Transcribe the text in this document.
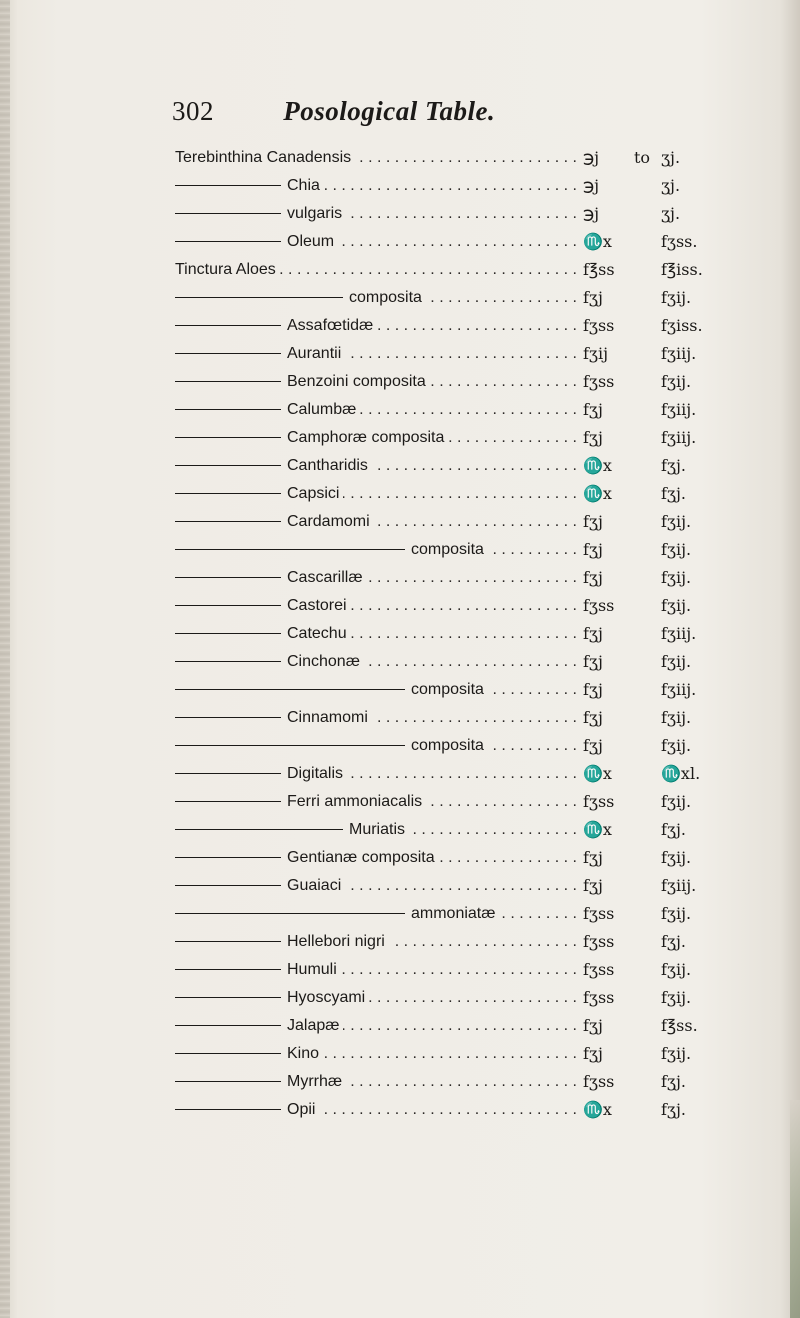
302	Posological Table.
Terebinthina Canadensis . . .	℈j to ʒj.
Chia . . .	℈j	ʒj.
vulgaris . . .	℈j	ʒj.
Oleum . . .	♏x	fʒss.
Tinctura Aloes . . .	f℥ss	f℥iss.
composita . . .	fʒj	fʒij.
Assafœtidæ . . .	fʒss	fʒiss.
Aurantii . . .	fʒij	fʒiij.
Benzoini composita . . .	fʒss	fʒij.
Calumbæ . . .	fʒj	fʒiij.
Camphoræ composita . . .	fʒj	fʒiij.
Cantharidis . . .	♏x	fʒj.
Capsici . . .	♏x	fʒj.
Cardamomi . . .	fʒj	fʒij.
composita . . .	fʒj	fʒij.
Cascarillæ . . .	fʒj	fʒij.
Castorei . . .	fʒss	fʒij.
Catechu . . .	fʒj	fʒiij.
Cinchonæ . . .	fʒj	fʒij.
composita . . .	fʒj	fʒiij.
Cinnamomi . . .	fʒj	fʒij.
composita . . .	fʒj	fʒij.
Digitalis . . .	♏x	♏xl.
Ferri ammoniacalis . . .	fʒss	fʒij.
Muriatis . . .	♏x	fʒj.
Gentianæ composita . . .	fʒj	fʒij.
Guaiaci . . .	fʒj	fʒiij.
ammoniatæ . . .	fʒss	fʒij.
Hellebori nigri . . .	fʒss	fʒj.
Humuli . . .	fʒss	fʒij.
Hyoscyami . . .	fʒss	fʒij.
Jalapæ . . .	fʒj	f℥ss.
Kino . . .	fʒj	fʒij.
Myrrhæ . . .	fʒss	fʒj.
Opii . . .	♏x	fʒj.
